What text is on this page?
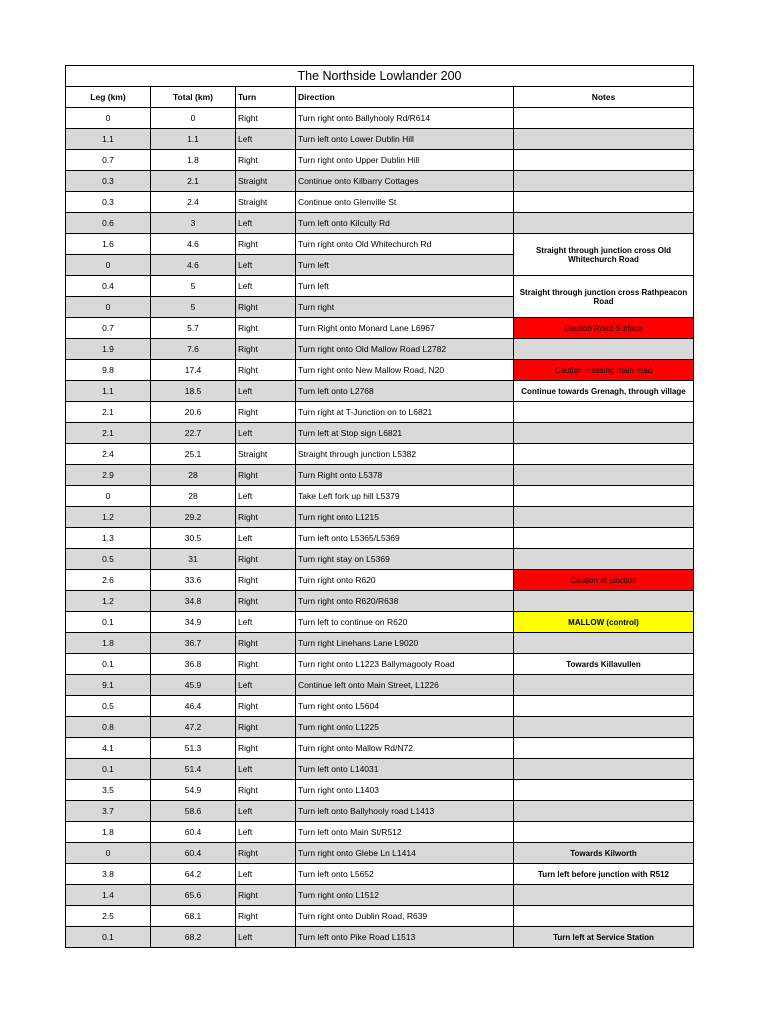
The Northside Lowlander 200				
Leg (km)	Total (km)	Turn	Direction	Notes
0	0	Right	Turn right onto Ballyhooly Rd/R614	
1.1	1.1	Left	Turn left onto Lower Dublin Hill	
0.7	1.8	Right	Turn right onto Upper Dublin Hill	
0.3	2.1	Straight	Continue onto Kilbarry Cottages	
0.3	2.4	Straight	Continue onto Glenville St	
0.6	3	Left	Turn left onto Kilcully Rd	
1.6	4.6	Right	Turn right onto Old Whitechurch Rd	Straight through junction cross Old Whitechurch Road
0	4.6	Left	Turn left	
0.4	5	Left	Turn left	Straight through junction cross Rathpeacon Road
0	5	Right	Turn right	
0.7	5.7	Right	Turn Right onto Monard Lane L6967	Caution Road Surface
1.9	7.6	Right	Turn right onto Old Mallow Road L2782	
9.8	17.4	Right	Turn right onto New Mallow Road, N20	Caution crossing main road
1.1	18.5	Left	Turn left onto L2768	Continue towards Grenagh, through village
2.1	20.6	Right	Turn right at T-Junction on to L6821	
2.1	22.7	Left	Turn left at Stop sign L6821	
2.4	25.1	Straight	Straight through junction L5382	
2.9	28	Right	Turn Right onto L5378	
0	28	Left	Take Left fork up hill L5379	
1.2	29.2	Right	Turn right onto L1215	
1.3	30.5	Left	Turn left onto L5365/L5369	
0.5	31	Right	Turn right stay on L5369	
2.6	33.6	Right	Turn right onto R620	Caution at junction
1.2	34.8	Right	Turn right onto R620/R638	
0.1	34.9	Left	Turn left to continue on R620	MALLOW (control)
1.8	36.7	Right	Turn right Linehans Lane L9020	
0.1	36.8	Right	Turn right onto L1223 Ballymagooly Road	Towards Killavullen
9.1	45.9	Left	Continue left onto Main Street, L1226	
0.5	46.4	Right	Turn right onto L5604	
0.8	47.2	Right	Turn right onto L1225	
4.1	51.3	Right	Turn right onto Mallow Rd/N72	
0.1	51.4	Left	Turn left onto L14031	
3.5	54.9	Right	Turn right onto L1403	
3.7	58.6	Left	Turn left onto Ballyhooly road L1413	
1.8	60.4	Left	Turn left onto Main St/R512	
0	60.4	Right	Turn right onto Glebe Ln L1414	Towards Kilworth
3.8	64.2	Left	Turn left onto L5652	Turn left before junction with R512
1.4	65.6	Right	Turn right onto L1512	
2.5	68.1	Right	Turn right onto Dublin Road, R639	
0.1	68.2	Left	Turn left onto Pike Road L1513	Turn left at Service Station
